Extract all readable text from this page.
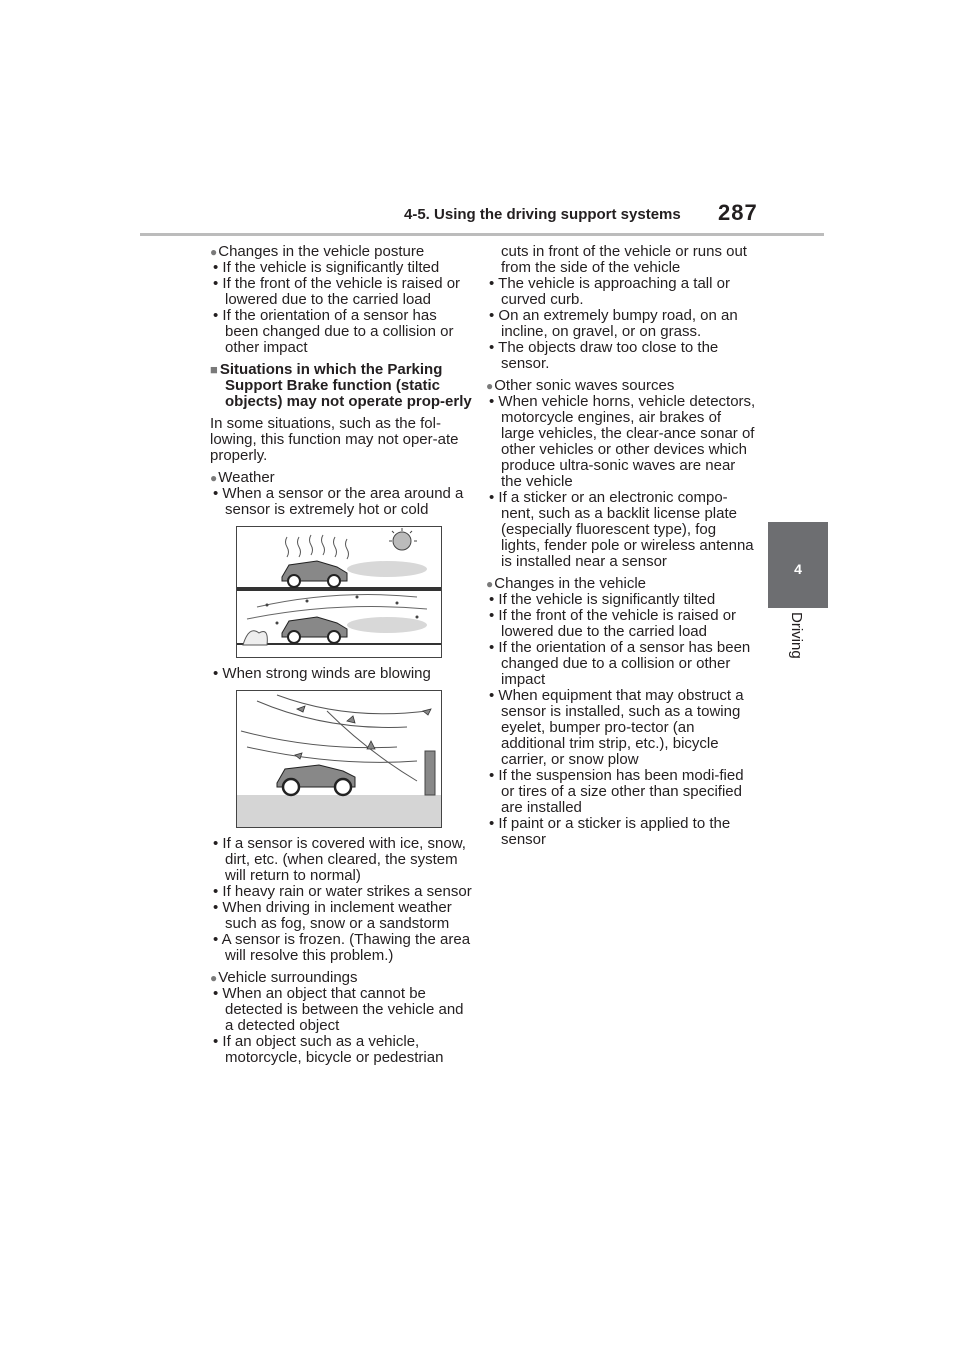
4-5. Using the driving support systems 287
4
Driving
●Changes in the vehicle posture
• If the vehicle is significantly tilted
• If the front of the vehicle is raised or lowered due to the carried load
• If the orientation of a sensor has been changed due to a collision or other impact
■ Situations in which the Parking Support Brake function (static objects) may not operate prop-erly
In some situations, such as the fol-lowing, this function may not oper-ate properly.
●Weather
• When a sensor or the area around a sensor is extremely hot or cold
• When strong winds are blowing
• If a sensor is covered with ice, snow, dirt, etc. (when cleared, the system will return to normal)
• If heavy rain or water strikes a sensor
• When driving in inclement weather such as fog, snow or a sandstorm
• A sensor is frozen. (Thawing the area will resolve this problem.)
●Vehicle surroundings
• When an object that cannot be detected is between the vehicle and a detected object
• If an object such as a vehicle, motorcycle, bicycle or pedestrian
cuts in front of the vehicle or runs out from the side of the vehicle
• The vehicle is approaching a tall or curved curb.
• On an extremely bumpy road, on an incline, on gravel, or on grass.
• The objects draw too close to the sensor.
●Other sonic waves sources
• When vehicle horns, vehicle detectors, motorcycle engines, air brakes of large vehicles, the clear-ance sonar of other vehicles or other devices which produce ultra-sonic waves are near the vehicle
• If a sticker or an electronic compo-nent, such as a backlit license plate (especially fluorescent type), fog lights, fender pole or wireless antenna is installed near a sensor
●Changes in the vehicle
• If the vehicle is significantly tilted
• If the front of the vehicle is raised or lowered due to the carried load
• If the orientation of a sensor has been changed due to a collision or other impact
• When equipment that may obstruct a sensor is installed, such as a towing eyelet, bumper pro-tector (an additional trim strip, etc.), bicycle carrier, or snow plow
• If the suspension has been modi-fied or tires of a size other than specified are installed
• If paint or a sticker is applied to the sensor
